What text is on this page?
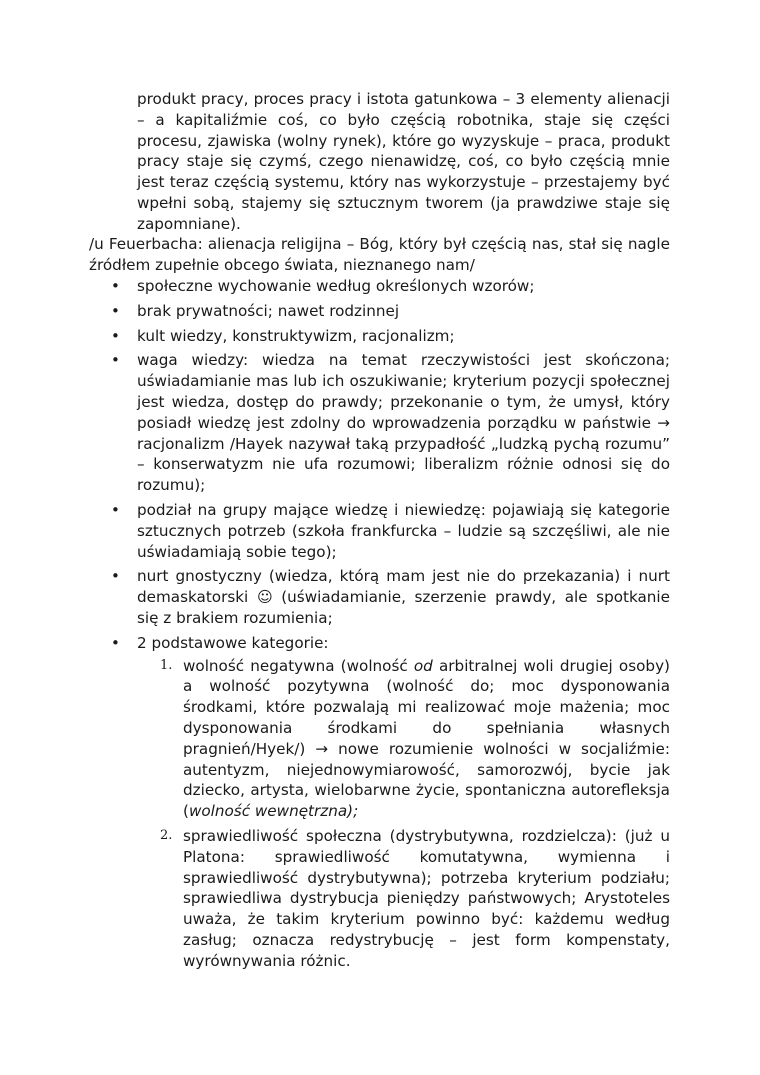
produkt pracy, proces pracy i istota gatunkowa – 3 elementy alienacji – a kapitaliźmie coś, co było częścią robotnika, staje się części procesu, zjawiska (wolny rynek), które go wyzyskuje – praca, produkt pracy staje się czymś, czego nienawidzę, coś, co było częścią mnie jest teraz częścią systemu, który nas wykorzystuje – przestajemy być wpełni sobą, stajemy się sztucznym tworem (ja prawdziwe staje się zapomniane).

/u Feuerbacha: alienacja religijna – Bóg, który był częścią nas, stał się nagle źródłem zupełnie obcego świata, nieznanego nam/

• społeczne wychowanie według określonych wzorów;
• brak prywatności; nawet rodzinnej
• kult wiedzy, konstruktywizm, racjonalizm;
• waga wiedzy: wiedza na temat rzeczywistości jest skończona; uświadamianie mas lub ich oszukiwanie; kryterium pozycji społecznej jest wiedza, dostęp do prawdy; przekonanie o tym, że umysł, który posiadł wiedzę jest zdolny do wprowadzenia porządku w państwie → racjonalizm /Hayek nazywał taką przypadłość „ludzką pychą rozumu” – konserwatyzm nie ufa rozumowi; liberalizm różnie odnosi się do rozumu);
• podział na grupy mające wiedzę i niewiedzę: pojawiają się kategorie sztucznych potrzeb (szkoła frankfurcka – ludzie są szczęśliwi, ale nie uświadamiają sobie tego);
• nurt gnostyczny (wiedza, którą mam jest nie do przekazania) i nurt demaskatorski ☺ (uświadamianie, szerzenie prawdy, ale spotkanie się z brakiem rozumienia;
• 2 podstawowe kategorie:
1. wolność negatywna (wolność od arbitralnej woli drugiej osoby) a wolność pozytywna (wolność do; moc dysponowania środkami, które pozwalają mi realizować moje mażenia; moc dysponowania środkami do spełniania własnych pragnień/Hyek/) → nowe rozumienie wolności w socjaliźmie: autentyzm, niejednowymiarowość, samorozwój, bycie jak dziecko, artysta, wielobarwne życie, spontaniczna autorefleksja (wolność wewnętrzna);
2. sprawiedliwość społeczna (dystrybutywna, rozdzielcza): (już u Platona: sprawiedliwość komutatywna, wymienna i sprawiedliwość dystrybutywna); potrzeba kryterium podziału; sprawiedliwa dystrybucja pieniędzy państwowych; Arystoteles uważa, że takim kryterium powinno być: każdemu według zasług; oznacza redystrybucję – jest form kompenstaty, wyrównywania różnic.
